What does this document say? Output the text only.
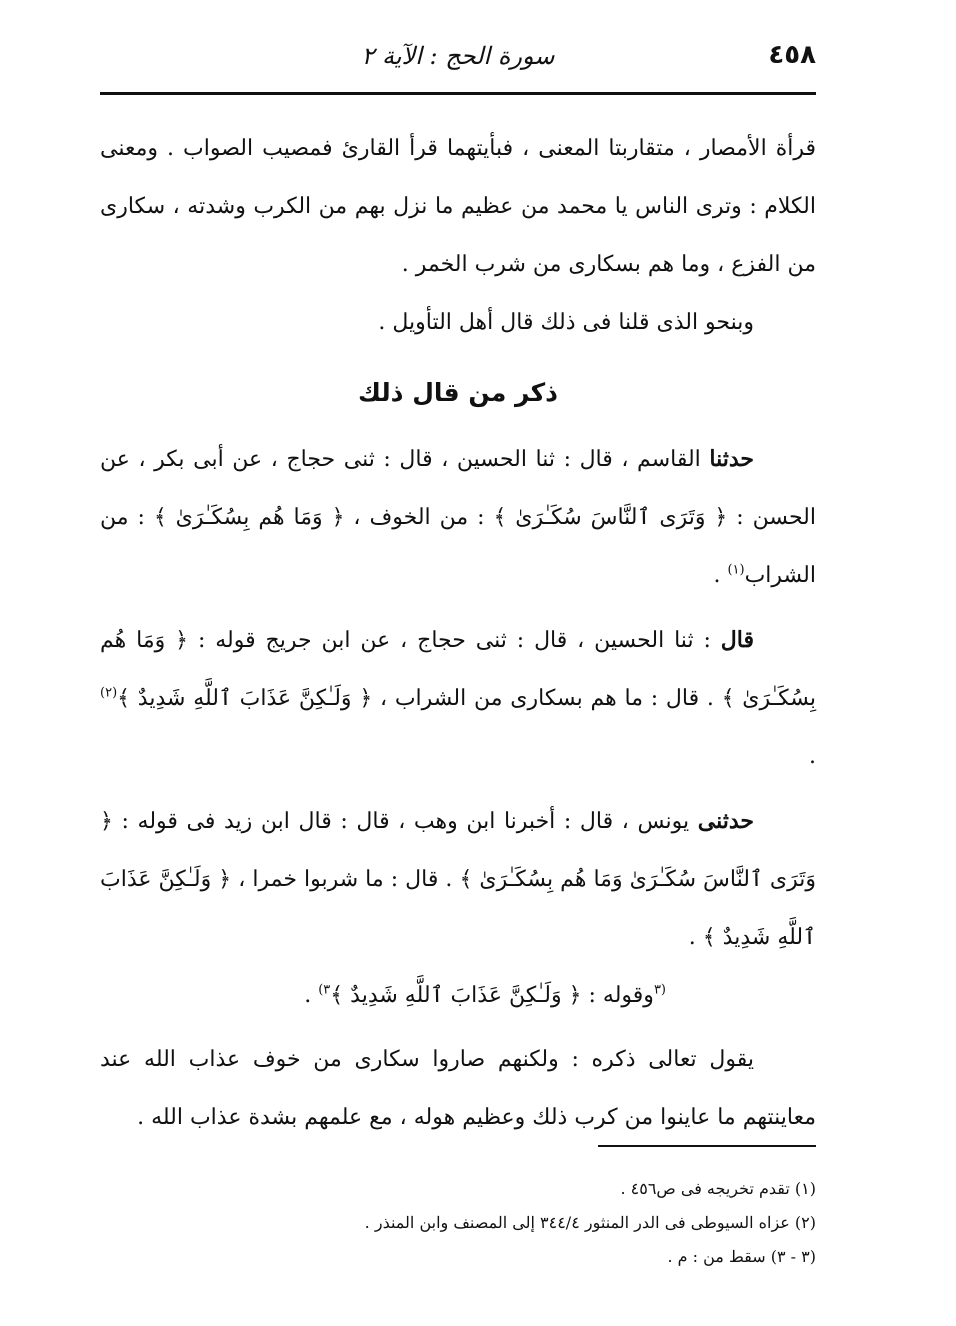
٤٥٨
سورة الحج : الآية ٢

قرأة الأمصار ، متقاربتا المعنى ، فبأيتهما قرأ القارئ فمصيب الصواب . ومعنى الكلام : وترى الناس يا محمد من عظيم ما نزل بهم من الكرب وشدته ، سكارى من الفزع ، وما هم بسكارى من شرب الخمر .

وبنحو الذى قلنا فى ذلك قال أهل التأويل .

ذكر من قال ذلك

حدثنا القاسم ، قال : ثنا الحسين ، قال : ثنى حجاج ، عن أبى بكر ، عن الحسن : ﴿ وَتَرَى ٱلنَّاسَ سُكَـٰرَىٰ ﴾ : من الخوف ، ﴿ وَمَا هُم بِسُكَـٰرَىٰ ﴾ : من الشراب$^{(١)}$ .

قال : ثنا الحسين ، قال : ثنى حجاج ، عن ابن جريج قوله : ﴿ وَمَا هُم بِسُكَـٰرَىٰ ﴾ . قال : ما هم بسكارى من الشراب ، ﴿ وَلَـٰكِنَّ عَذَابَ ٱللَّهِ شَدِيدٌ ﴾$^{(٢)}$ .

حدثنى يونس ، قال : أخبرنا ابن وهب ، قال : قال ابن زيد فى قوله : ﴿ وَتَرَى ٱلنَّاسَ سُكَـٰرَىٰ وَمَا هُم بِسُكَـٰرَىٰ ﴾ . قال : ما شربوا خمرا ، ﴿ وَلَـٰكِنَّ عَذَابَ ٱللَّهِ شَدِيدٌ ﴾ .

$^{(٣}$وقوله : ﴿ وَلَـٰكِنَّ عَذَابَ ٱللَّهِ شَدِيدٌ ﴾$^{٣)}$ .

يقول تعالى ذكره : ولكنهم صاروا سكارى من خوف عذاب الله عند معاينتهم ما عاينوا من كرب ذلك وعظيم هوله ، مع علمهم بشدة عذاب الله .

(١) تقدم تخريجه فى ص٤٥٦ .

(٢) عزاه السيوطى فى الدر المنثور ٣٤٤/٤ إلى المصنف وابن المنذر .

(٣ - ٣) سقط من : م .
